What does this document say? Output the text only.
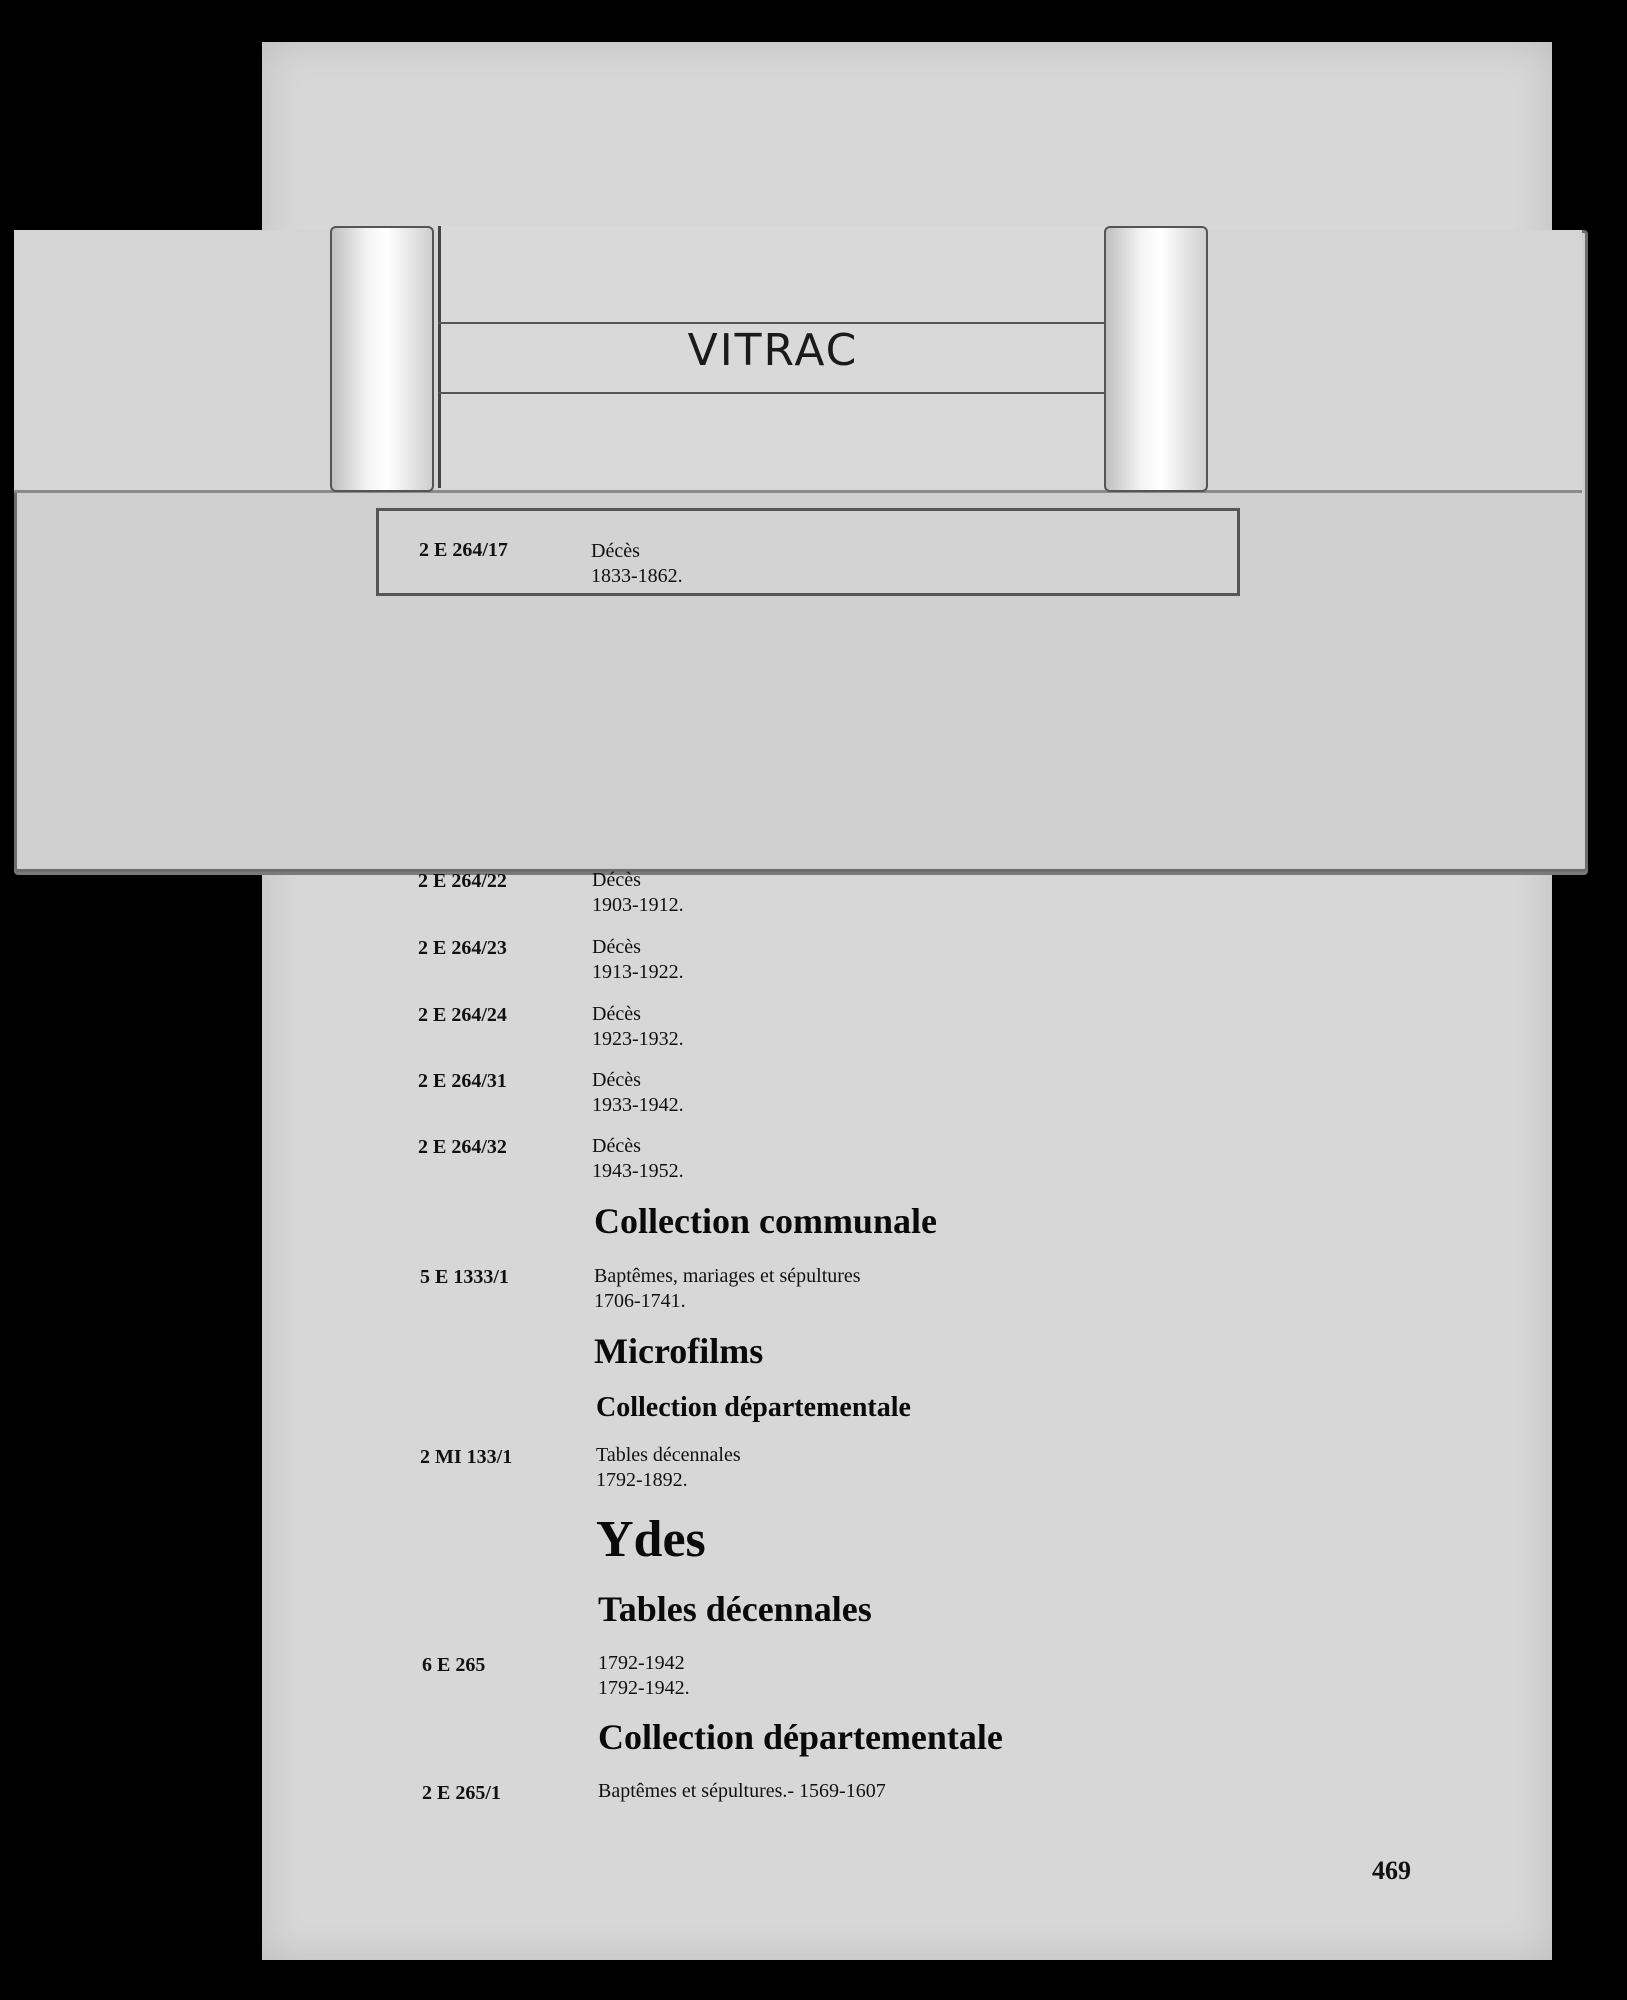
VITRAC
2 E 264/17	Décès
1833-1862.
2 E 264/22	Décès
1903-1912.
2 E 264/23	Décès
1913-1922.
2 E 264/24	Décès
1923-1932.
2 E 264/31	Décès
1933-1942.
2 E 264/32	Décès
1943-1952.
Collection communale
5 E 1333/1	Baptêmes, mariages et sépultures
1706-1741.
Microfilms
Collection départementale
2 MI 133/1	Tables décennales
1792-1892.
Ydes
Tables décennales
6 E 265	1792-1942
1792-1942.
Collection départementale
2 E 265/1	Baptêmes et sépultures.- 1569-1607
469
